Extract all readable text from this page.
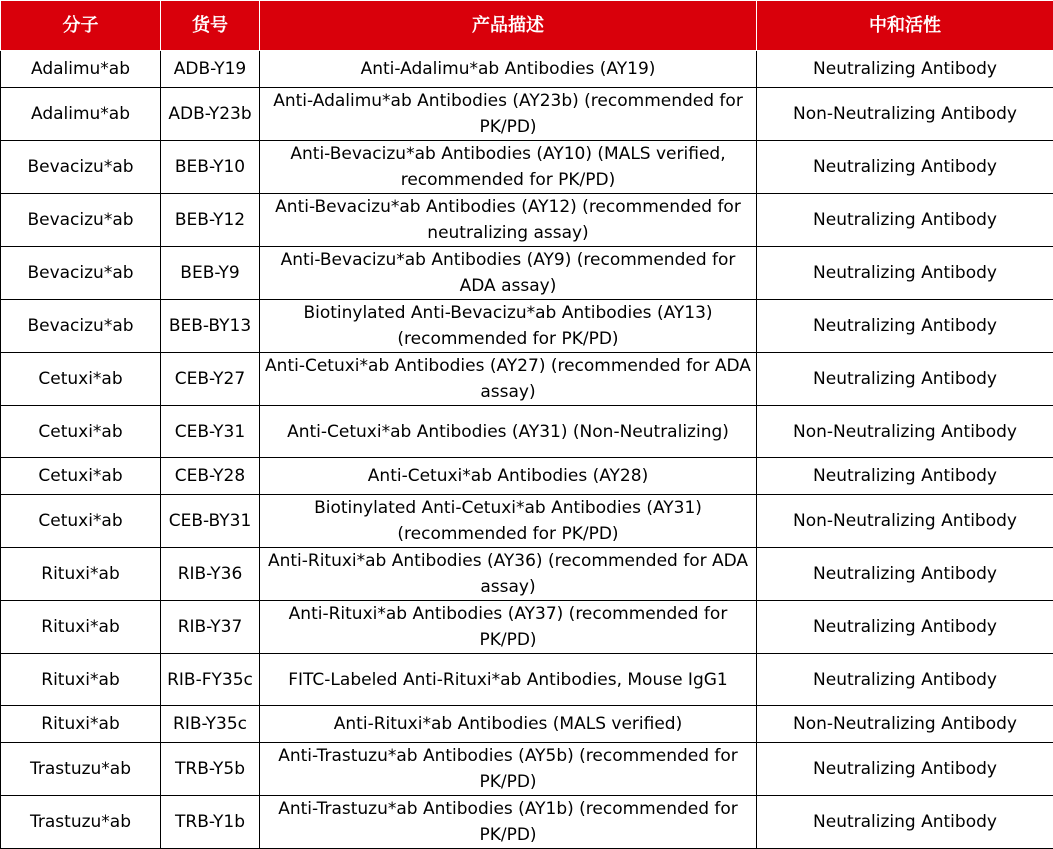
分子	货号	产品描述	中和活性
Adalimu*ab	ADB-Y19	Anti-Adalimu*ab Antibodies (AY19)	Neutralizing Antibody
Adalimu*ab	ADB-Y23b	Anti-Adalimu*ab Antibodies (AY23b) (recommended for PK/PD)	Non-Neutralizing Antibody
Bevacizu*ab	BEB-Y10	Anti-Bevacizu*ab Antibodies (AY10) (MALS verified, recommended for PK/PD)	Neutralizing Antibody
Bevacizu*ab	BEB-Y12	Anti-Bevacizu*ab Antibodies (AY12) (recommended for neutralizing assay)	Neutralizing Antibody
Bevacizu*ab	BEB-Y9	Anti-Bevacizu*ab Antibodies (AY9) (recommended for ADA assay)	Neutralizing Antibody
Bevacizu*ab	BEB-BY13	Biotinylated Anti-Bevacizu*ab Antibodies (AY13) (recommended for PK/PD)	Neutralizing Antibody
Cetuxi*ab	CEB-Y27	Anti-Cetuxi*ab Antibodies (AY27) (recommended for ADA assay)	Neutralizing Antibody
Cetuxi*ab	CEB-Y31	Anti-Cetuxi*ab Antibodies (AY31) (Non-Neutralizing)	Non-Neutralizing Antibody
Cetuxi*ab	CEB-Y28	Anti-Cetuxi*ab Antibodies (AY28)	Neutralizing Antibody
Cetuxi*ab	CEB-BY31	Biotinylated Anti-Cetuxi*ab Antibodies (AY31) (recommended for PK/PD)	Non-Neutralizing Antibody
Rituxi*ab	RIB-Y36	Anti-Rituxi*ab Antibodies (AY36) (recommended for ADA assay)	Neutralizing Antibody
Rituxi*ab	RIB-Y37	Anti-Rituxi*ab Antibodies (AY37) (recommended for PK/PD)	Neutralizing Antibody
Rituxi*ab	RIB-FY35c	FITC-Labeled Anti-Rituxi*ab Antibodies, Mouse IgG1	Neutralizing Antibody
Rituxi*ab	RIB-Y35c	Anti-Rituxi*ab Antibodies (MALS verified)	Non-Neutralizing Antibody
Trastuzu*ab	TRB-Y5b	Anti-Trastuzu*ab Antibodies (AY5b) (recommended for PK/PD)	Neutralizing Antibody
Trastuzu*ab	TRB-Y1b	Anti-Trastuzu*ab Antibodies (AY1b) (recommended for PK/PD)	Neutralizing Antibody
